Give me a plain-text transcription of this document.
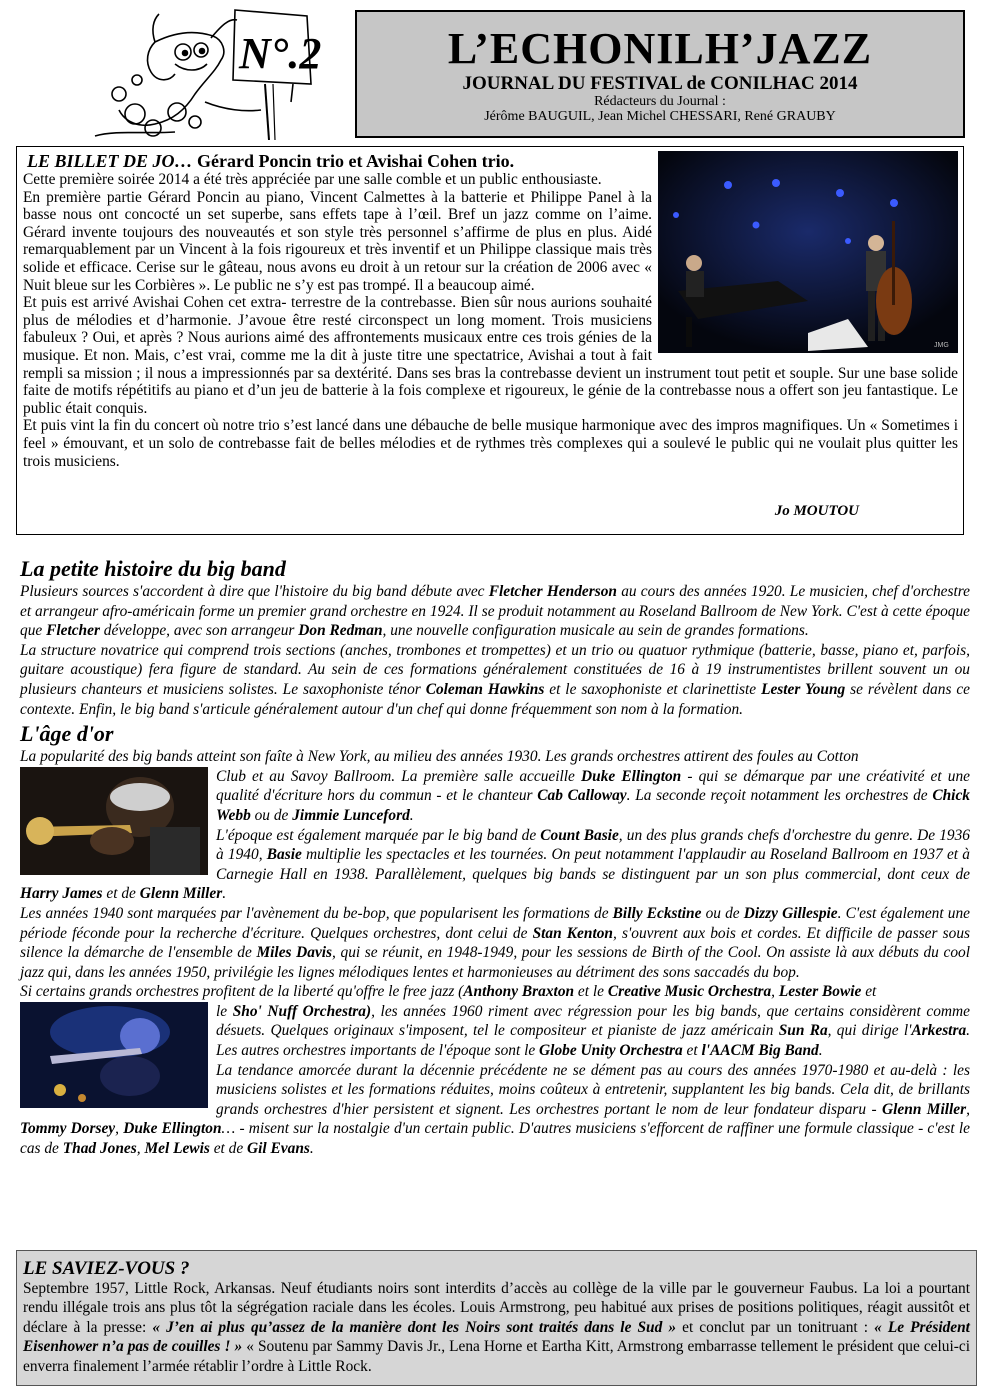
N°.2	L’ECHONILH’JAZZ
JOURNAL DU FESTIVAL de CONILHAC 2014
Rédacteurs du Journal :
Jérôme BAUGUIL, Jean Michel CHESSARI, René GRAUBY
JMG
LE BILLET DE JO… Gérard Poncin trio et Avishai Cohen trio.
Cette première soirée 2014 a été très appréciée par une salle comble et un public enthousiaste.
En première partie Gérard Poncin au piano, Vincent Calmettes à la batterie et Philippe Panel à la basse nous ont concocté un set superbe, sans effets tape à l’œil. Bref un jazz comme on l’aime. Gérard invente toujours des nouveautés et son style très personnel s’affirme de plus en plus. Aidé remarquablement par un Vincent à la fois rigoureux et très inventif et un Philippe classique mais très solide et efficace. Cerise sur le gâteau, nous avons eu droit à un retour sur la création de 2006 avec « Nuit bleue sur les Corbières ». Le public ne s’y est pas trompé. Il a beaucoup aimé.
Et puis est arrivé Avishai Cohen cet extra- terrestre de la contrebasse. Bien sûr nous aurions souhaité plus de mélodies et d’harmonie. J’avoue être resté circonspect un long moment. Trois musiciens fabuleux ? Oui, et après ? Nous aurions aimé des affrontements musicaux entre ces trois génies de la musique. Et non. Mais, c’est vrai, comme me la dit à juste titre une spectatrice, Avishai a tout à fait rempli sa mission ; il nous a impressionnés par sa dextérité. Dans ses bras la contrebasse devient un instrument tout petit et souple. Sur une base solide faite de motifs répétitifs au piano et d’un jeu de batterie à la fois complexe et rigoureux, le génie de la contrebasse nous a offert son jeu fantastique. Le public était conquis.
Et puis vint la fin du concert où notre trio s’est lancé dans une débauche de belle musique harmonique avec des impros magnifiques. Un « Sometimes i feel » émouvant, et un solo de contrebasse fait de belles mélodies et de rythmes très complexes qui a soulevé le public qui ne voulait plus quitter les trois musiciens.
Jo MOUTOU
La petite histoire du big band
Plusieurs sources s'accordent à dire que l'histoire du big band débute avec Fletcher Henderson au cours des années 1920. Le musicien, chef d'orchestre et arrangeur afro-américain forme un premier grand orchestre en 1924. Il se produit notamment au Roseland Ballroom de New York. C'est à cette époque que Fletcher développe, avec son arrangeur Don Redman, une nouvelle configuration musicale au sein de grandes formations.
La structure novatrice qui comprend trois sections (anches, trombones et trompettes) et un trio ou quatuor rythmique (batterie, basse, piano et, parfois, guitare acoustique) fera figure de standard. Au sein de ces formations généralement constituées de 16 à 19 instrumentistes brillent souvent un ou plusieurs chanteurs et musiciens solistes. Le saxophoniste ténor Coleman Hawkins et le saxophoniste et clarinettiste Lester Young se révèlent dans ce contexte. Enfin, le big band s'articule généralement autour d'un chef qui donne fréquemment son nom à la formation.
L'âge d'or
La popularité des big bands atteint son faîte à New York, au milieu des années 1930. Les grands orchestres attirent des foules au Cotton
Club et au Savoy Ballroom. La première salle accueille Duke Ellington - qui se démarque par une créativité et une qualité d'écriture hors du commun - et le chanteur Cab Calloway. La seconde reçoit notamment les orchestres de Chick Webb ou de Jimmie Lunceford.
L'époque est également marquée par le big band de Count Basie, un des plus grands chefs d'orchestre du genre. De 1936 à 1940, Basie multiplie les spectacles et les tournées. On peut notamment l'applaudir au Roseland Ballroom en 1937 et à Carnegie Hall en 1938. Parallèlement, quelques big bands se distinguent par un son plus commercial, dont ceux de Harry James et de Glenn Miller.
Les années 1940 sont marquées par l'avènement du be-bop, que popularisent les formations de Billy Eckstine ou de Dizzy Gillespie. C'est également une période féconde pour la recherche d'écriture. Quelques orchestres, dont celui de Stan Kenton, s'ouvrent aux bois et cordes. Et difficile de passer sous silence la démarche de l'ensemble de Miles Davis, qui se réunit, en 1948-1949, pour les sessions de Birth of the Cool. On assiste là aux débuts du cool jazz qui, dans les années 1950, privilégie les lignes mélodiques lentes et harmonieuses au détriment des sons saccadés du bop.
Si certains grands orchestres profitent de la liberté qu'offre le free jazz (Anthony Braxton et le Creative Music Orchestra, Lester Bowie et
le Sho' Nuff Orchestra), les années 1960 riment avec régression pour les big bands, que certains considèrent comme désuets. Quelques originaux s'imposent, tel le compositeur et pianiste de jazz américain Sun Ra, qui dirige l'Arkestra. Les autres orchestres importants de l'époque sont le Globe Unity Orchestra et l'AACM Big Band.
La tendance amorcée durant la décennie précédente ne se dément pas au cours des années 1970-1980 et au-delà : les musiciens solistes et les formations réduites, moins coûteux à entretenir, supplantent les big bands. Cela dit, de brillants grands orchestres d'hier persistent et signent. Les orchestres portant le nom de leur fondateur disparu - Glenn Miller, Tommy Dorsey, Duke Ellington… - misent sur la nostalgie d'un certain public. D'autres musiciens s'efforcent de raffiner une formule classique - c'est le cas de Thad Jones, Mel Lewis et de Gil Evans.
LE SAVIEZ-VOUS ?
Septembre 1957, Little Rock, Arkansas. Neuf étudiants noirs sont interdits d’accès au collège de la ville par le gouverneur Faubus. La loi a pourtant rendu illégale trois ans plus tôt la ségrégation raciale dans les écoles. Louis Armstrong, peu habitué aux prises de positions politiques, réagit aussitôt et déclare à la presse: « J’en ai plus qu’assez de la manière dont les Noirs sont traités dans le Sud » et conclut par un tonitruant : « Le Président Eisenhower n’a pas de couilles ! » « Soutenu par Sammy Davis Jr., Lena Horne et Eartha Kitt, Armstrong embarrasse tellement le président que celui-ci enverra finalement l’armée rétablir l’ordre à Little Rock.
